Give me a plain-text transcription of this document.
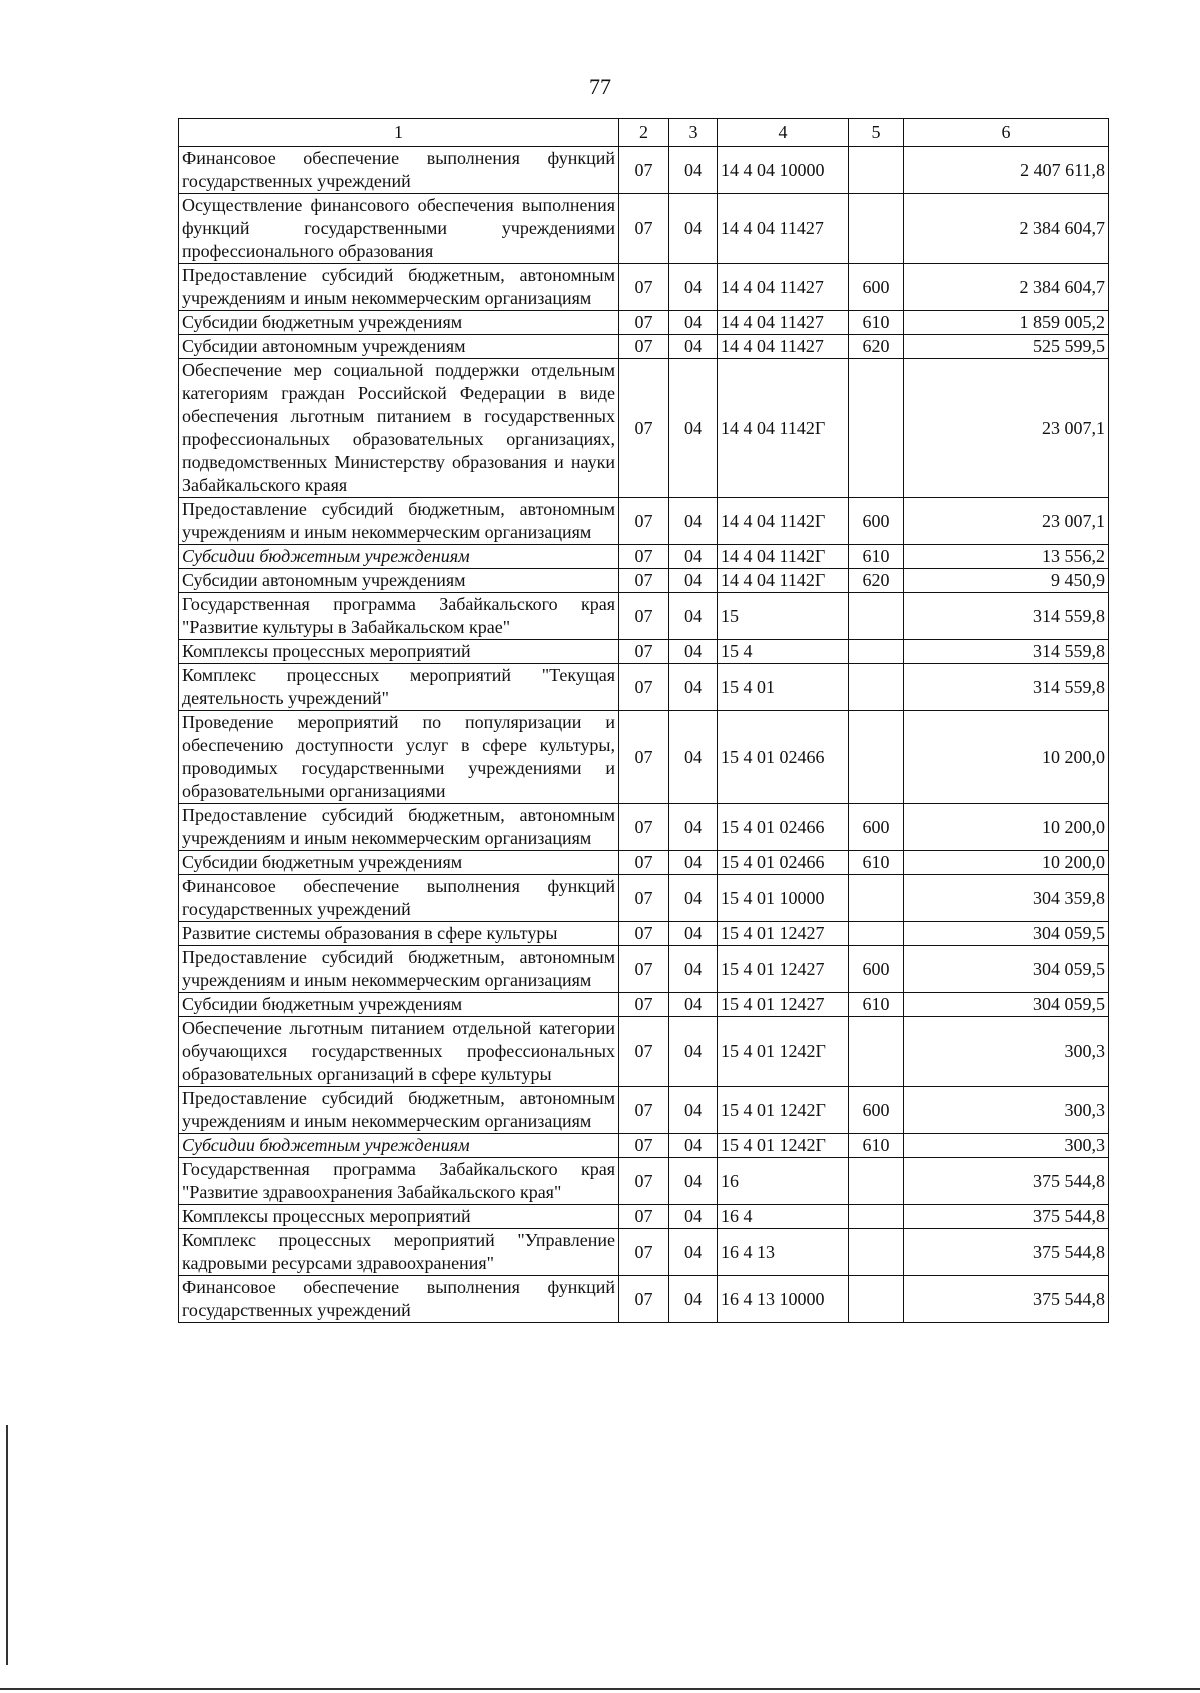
77
1	2	3	4	5	6
Финансовое обеспечение выполнения функций государственных учреждений	07	04	14 4 04 10000		2 407 611,8
Осуществление финансового обеспечения выполнения функций государственными учреждениями профессионального образования	07	04	14 4 04 11427		2 384 604,7
Предоставление субсидий бюджетным, автономным учреждениям и иным некоммерческим организациям	07	04	14 4 04 11427	600	2 384 604,7
Субсидии бюджетным учреждениям	07	04	14 4 04 11427	610	1 859 005,2
Субсидии автономным учреждениям	07	04	14 4 04 11427	620	525 599,5
Обеспечение мер социальной поддержки отдельным категориям граждан Российской Федерации в виде обеспечения льготным питанием в государственных профессиональных образовательных организациях, подведомственных Министерству образования и науки Забайкальского краяя	07	04	14 4 04 1142Г		23 007,1
Предоставление субсидий бюджетным, автономным учреждениям и иным некоммерческим организациям	07	04	14 4 04 1142Г	600	23 007,1
Субсидии бюджетным учреждениям	07	04	14 4 04 1142Г	610	13 556,2
Субсидии автономным учреждениям	07	04	14 4 04 1142Г	620	9 450,9
Государственная программа Забайкальского края "Развитие культуры в Забайкальском крае"	07	04	15		314 559,8
Комплексы процессных мероприятий	07	04	15 4		314 559,8
Комплекс процессных мероприятий "Текущая деятельность учреждений"	07	04	15 4 01		314 559,8
Проведение мероприятий по популяризации и обеспечению доступности услуг в сфере культуры, проводимых государственными учреждениями и образовательными организациями	07	04	15 4 01 02466		10 200,0
Предоставление субсидий бюджетным, автономным учреждениям и иным некоммерческим организациям	07	04	15 4 01 02466	600	10 200,0
Субсидии бюджетным учреждениям	07	04	15 4 01 02466	610	10 200,0
Финансовое обеспечение выполнения функций государственных учреждений	07	04	15 4 01 10000		304 359,8
Развитие системы образования в сфере культуры	07	04	15 4 01 12427		304 059,5
Предоставление субсидий бюджетным, автономным учреждениям и иным некоммерческим организациям	07	04	15 4 01 12427	600	304 059,5
Субсидии бюджетным учреждениям	07	04	15 4 01 12427	610	304 059,5
Обеспечение льготным питанием отдельной категории обучающихся государственных профессиональных образовательных организаций в сфере культуры	07	04	15 4 01 1242Г		300,3
Предоставление субсидий бюджетным, автономным учреждениям и иным некоммерческим организациям	07	04	15 4 01 1242Г	600	300,3
Субсидии бюджетным учреждениям	07	04	15 4 01 1242Г	610	300,3
Государственная программа Забайкальского края "Развитие здравоохранения Забайкальского края"	07	04	16		375 544,8
Комплексы процессных мероприятий	07	04	16 4		375 544,8
Комплекс процессных мероприятий "Управление кадровыми ресурсами здравоохранения"	07	04	16 4 13		375 544,8
Финансовое обеспечение выполнения функций государственных учреждений	07	04	16 4 13 10000		375 544,8
